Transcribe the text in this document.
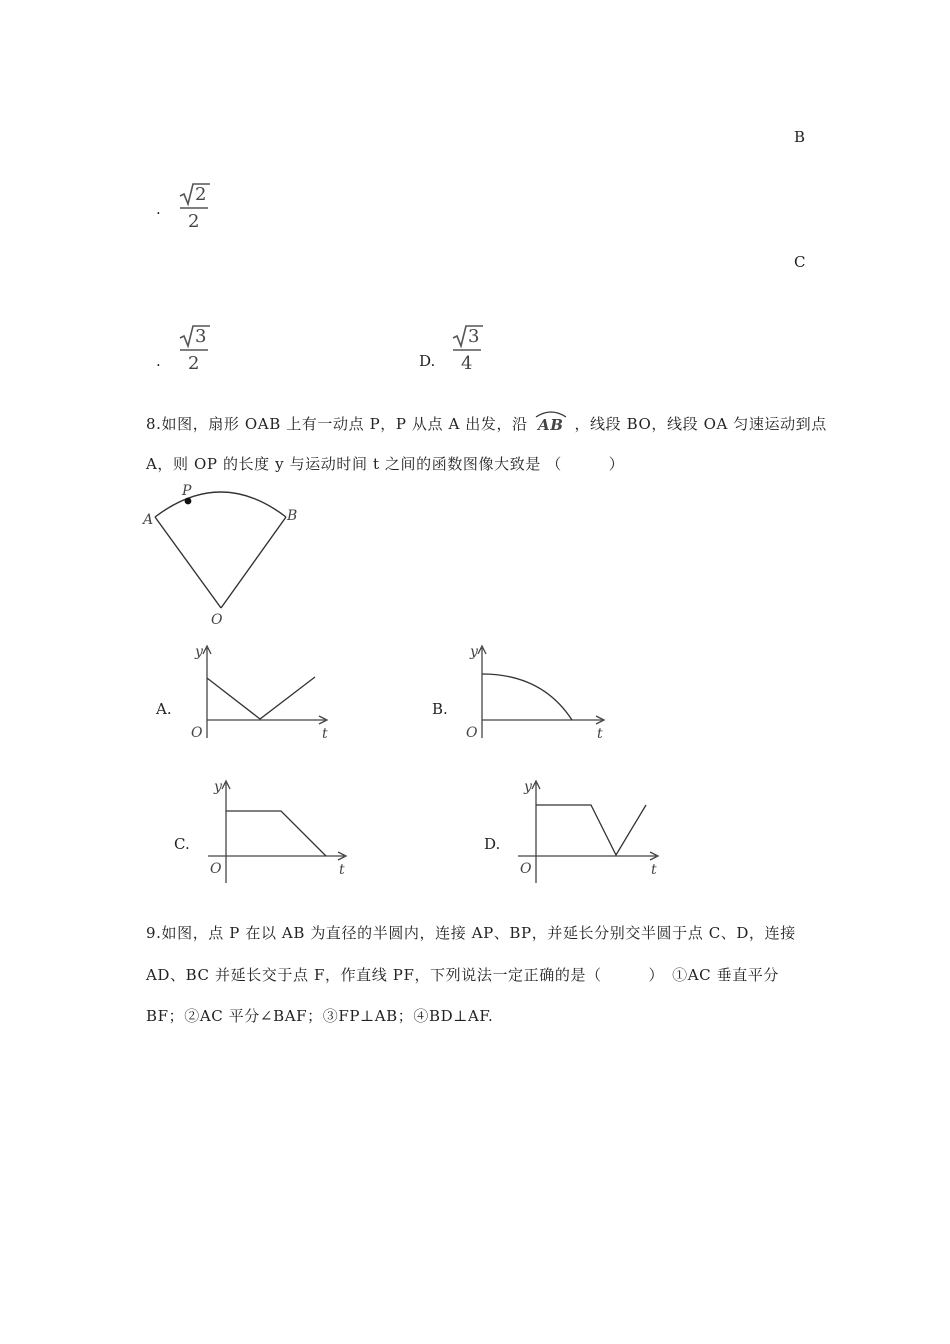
B
.
2
2
C
.
3
2	D.
3
4
8.如图，扇形 OAB 上有一动点 P，P 从点 A 出发，沿 AB ，线段 BO，线段 OA 匀速运动到点
A，则 OP 的长度 y 与运动时间 t 之间的函数图像大致是 （　　　）
A	B
P
O
A.
y
O	t
B.
y
O	t
C.
y
O	t
D.
y
O	t
9.如图，点 P 在以 AB 为直径的半圆内，连接 AP、BP，并延长分别交半圆于点 C、D，连接
AD、BC 并延长交于点 F，作直线 PF，下列说法一定正确的是（　　　）　①AC 垂直平分
BF；②AC 平分∠BAF；③FP⊥AB；④BD⊥AF.
